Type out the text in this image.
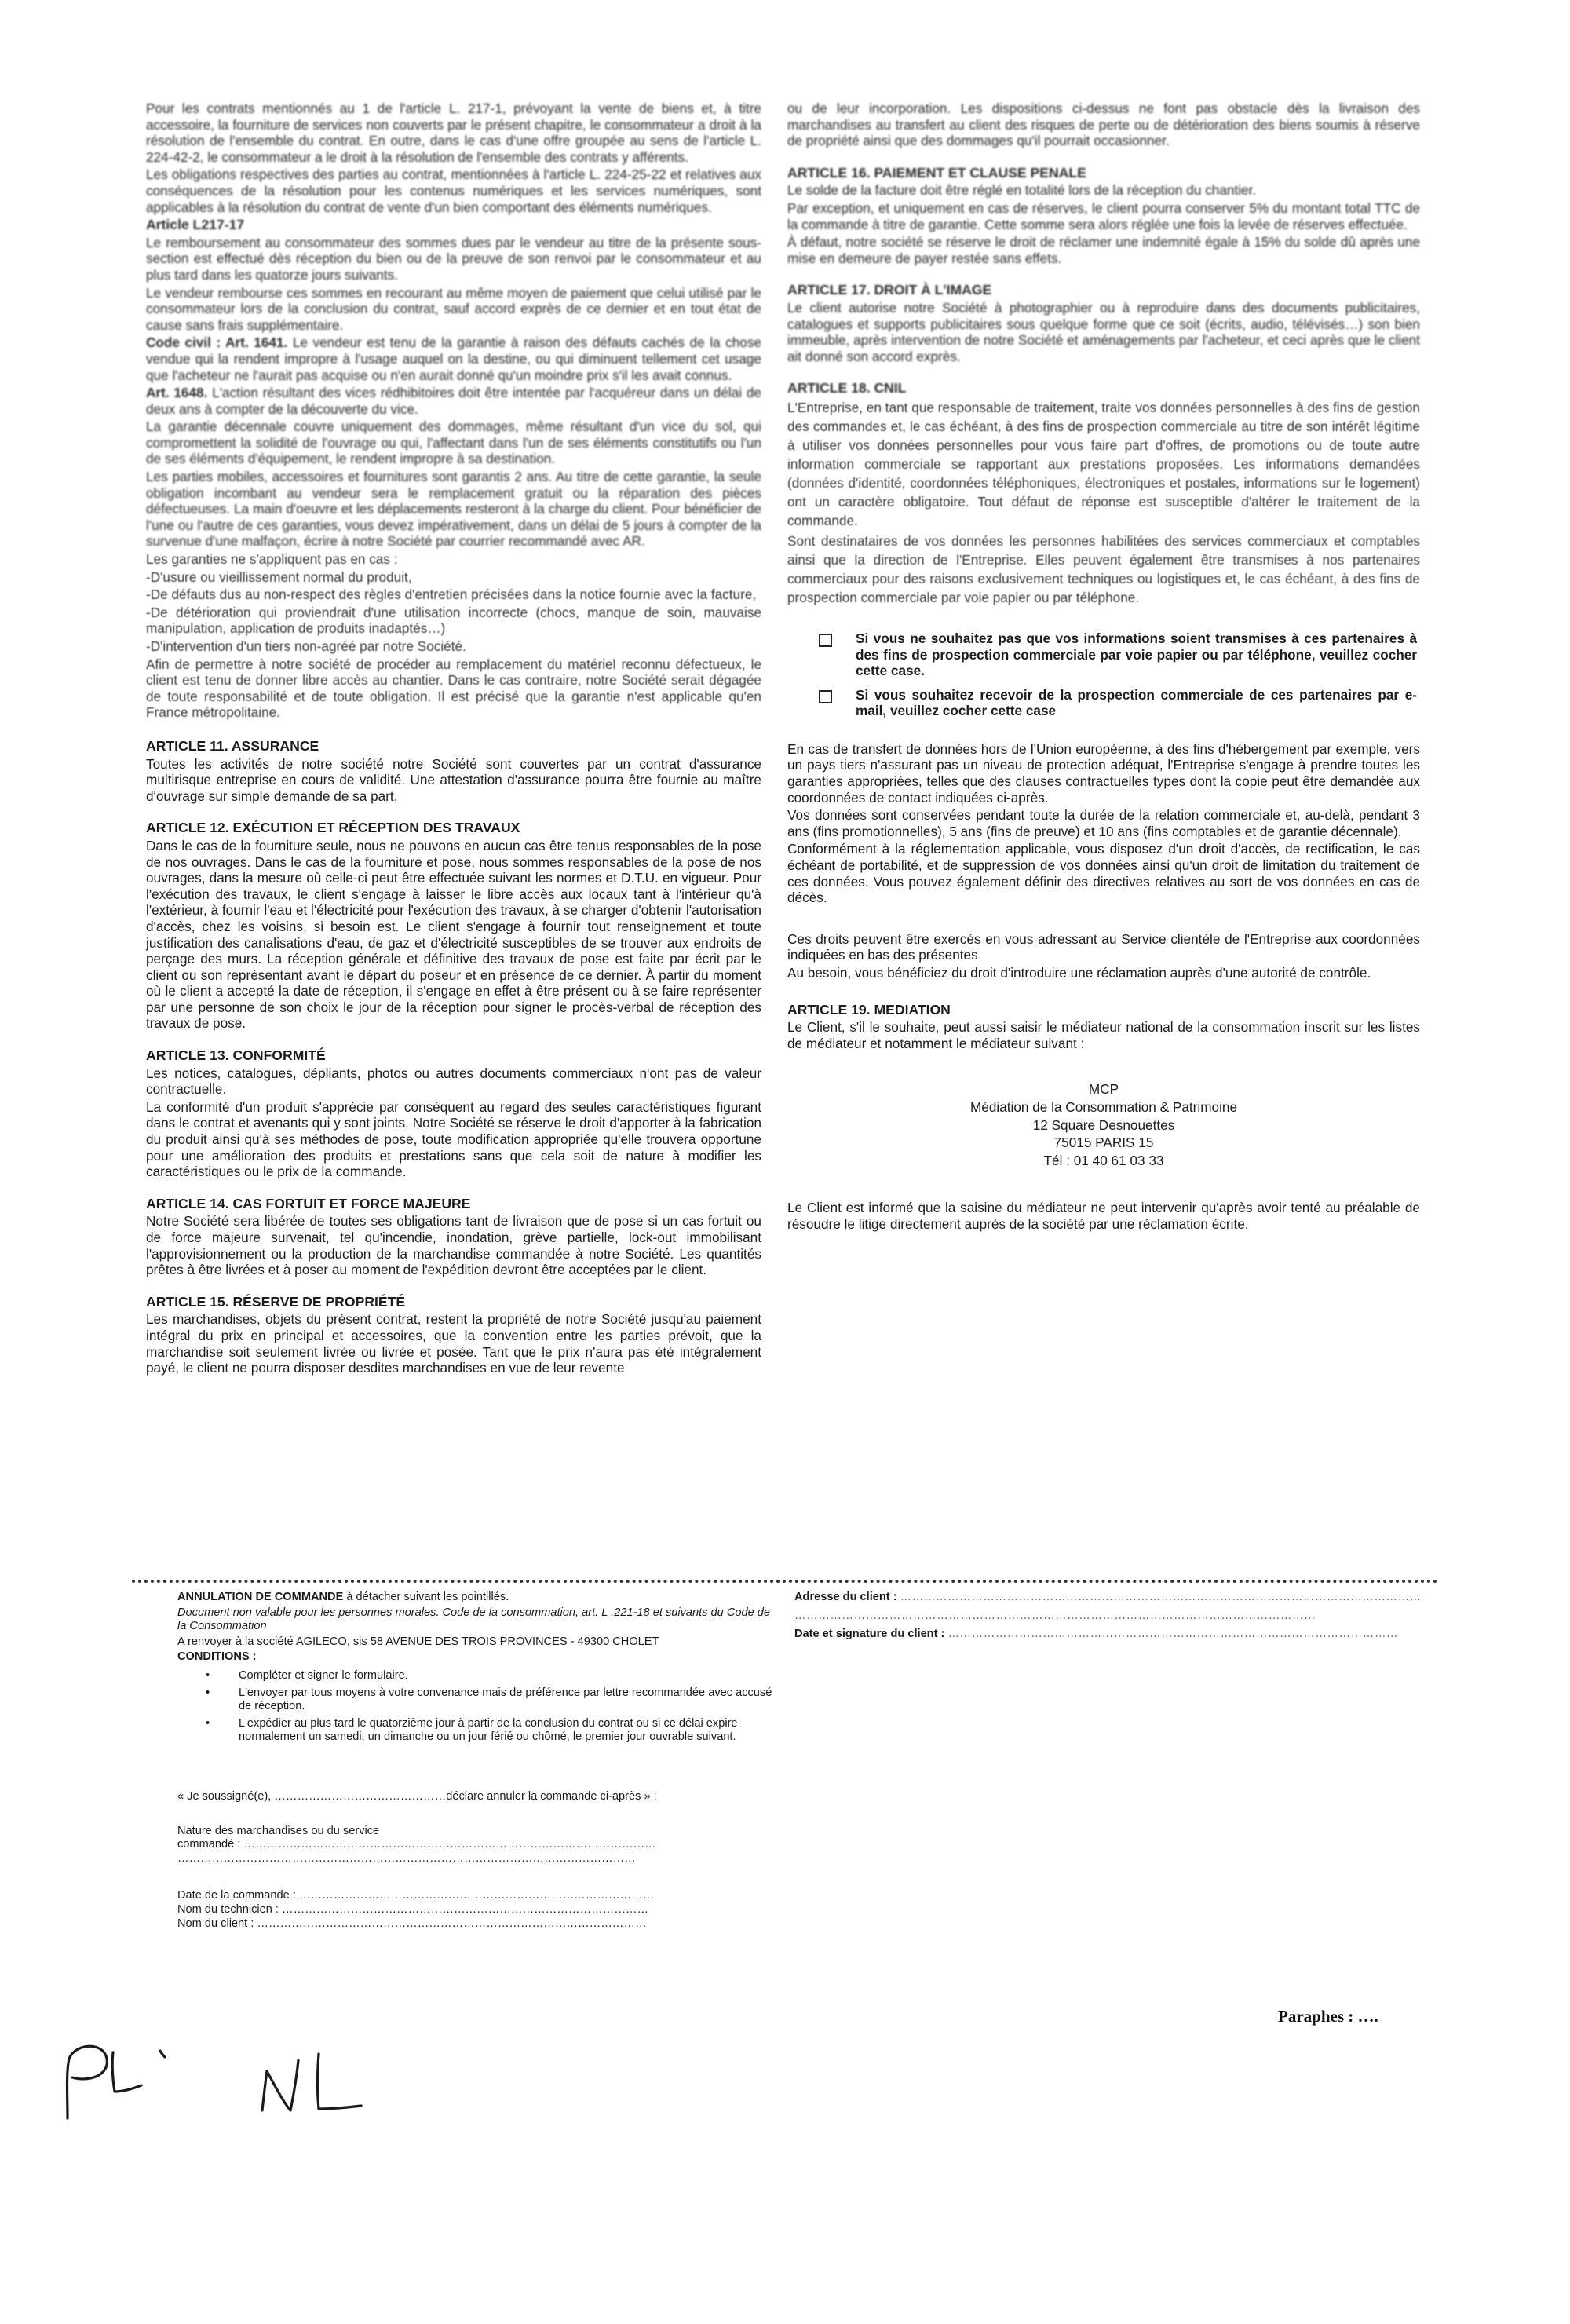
Pour les contrats mentionnés au 1 de l'article L. 217-1, prévoyant la vente de biens et, à titre accessoire, la fourniture de services non couverts par le présent chapitre, le consommateur a droit à la résolution de l'ensemble du contrat. En outre, dans le cas d'une offre groupée au sens de l'article L. 224-42-2, le consommateur a le droit à la résolution de l'ensemble des contrats y afférents.

Les obligations respectives des parties au contrat, mentionnées à l'article L. 224-25-22 et relatives aux conséquences de la résolution pour les contenus numériques et les services numériques, sont applicables à la résolution du contrat de vente d'un bien comportant des éléments numériques.

Article L217-17

Le remboursement au consommateur des sommes dues par le vendeur au titre de la présente sous-section est effectué dès réception du bien ou de la preuve de son renvoi par le consommateur et au plus tard dans les quatorze jours suivants.

Le vendeur rembourse ces sommes en recourant au même moyen de paiement que celui utilisé par le consommateur lors de la conclusion du contrat, sauf accord exprès de ce dernier et en tout état de cause sans frais supplémentaire.

Code civil : Art. 1641. Le vendeur est tenu de la garantie à raison des défauts cachés de la chose vendue qui la rendent impropre à l'usage auquel on la destine, ou qui diminuent tellement cet usage que l'acheteur ne l'aurait pas acquise ou n'en aurait donné qu'un moindre prix s'il les avait connus.

Art. 1648. L'action résultant des vices rédhibitoires doit être intentée par l'acquéreur dans un délai de deux ans à compter de la découverte du vice.

La garantie décennale couvre uniquement des dommages, même résultant d'un vice du sol, qui compromettent la solidité de l'ouvrage ou qui, l'affectant dans l'un de ses éléments constitutifs ou l'un de ses éléments d'équipement, le rendent impropre à sa destination.

Les parties mobiles, accessoires et fournitures sont garantis 2 ans. Au titre de cette garantie, la seule obligation incombant au vendeur sera le remplacement gratuit ou la réparation des pièces défectueuses. La main d'oeuvre et les déplacements resteront à la charge du client. Pour bénéficier de l'une ou l'autre de ces garanties, vous devez impérativement, dans un délai de 5 jours à compter de la survenue d'une malfaçon, écrire à notre Société par courrier recommandé avec AR.

Les garanties ne s'appliquent pas en cas :

-D'usure ou vieillissement normal du produit,

-De défauts dus au non-respect des règles d'entretien précisées dans la notice fournie avec la facture,

-De détérioration qui proviendrait d'une utilisation incorrecte (chocs, manque de soin, mauvaise manipulation, application de produits inadaptés…)

-D'intervention d'un tiers non-agréé par notre Société.

Afin de permettre à notre société de procéder au remplacement du matériel reconnu défectueux, le client est tenu de donner libre accès au chantier. Dans le cas contraire, notre Société serait dégagée de toute responsabilité et de toute obligation. Il est précisé que la garantie n'est applicable qu'en France métropolitaine.

ARTICLE 11. ASSURANCE

Toutes les activités de notre société notre Société sont couvertes par un contrat d'assurance multirisque entreprise en cours de validité. Une attestation d'assurance pourra être fournie au maître d'ouvrage sur simple demande de sa part.

ARTICLE 12. EXÉCUTION ET RÉCEPTION DES TRAVAUX

Dans le cas de la fourniture seule, nous ne pouvons en aucun cas être tenus responsables de la pose de nos ouvrages. Dans le cas de la fourniture et pose, nous sommes responsables de la pose de nos ouvrages, dans la mesure où celle-ci peut être effectuée suivant les normes et D.T.U. en vigueur. Pour l'exécution des travaux, le client s'engage à laisser le libre accès aux locaux tant à l'intérieur qu'à l'extérieur, à fournir l'eau et l'électricité pour l'exécution des travaux, à se charger d'obtenir l'autorisation d'accès, chez les voisins, si besoin est. Le client s'engage à fournir tout renseignement et toute justification des canalisations d'eau, de gaz et d'électricité susceptibles de se trouver aux endroits de perçage des murs. La réception générale et définitive des travaux de pose est faite par écrit par le client ou son représentant avant le départ du poseur et en présence de ce dernier. À partir du moment où le client a accepté la date de réception, il s'engage en effet à être présent ou à se faire représenter par une personne de son choix le jour de la réception pour signer le procès-verbal de réception des travaux de pose.

ARTICLE 13. CONFORMITÉ

Les notices, catalogues, dépliants, photos ou autres documents commerciaux n'ont pas de valeur contractuelle.

La conformité d'un produit s'apprécie par conséquent au regard des seules caractéristiques figurant dans le contrat et avenants qui y sont joints. Notre Société se réserve le droit d'apporter à la fabrication du produit ainsi qu'à ses méthodes de pose, toute modification appropriée qu'elle trouvera opportune pour une amélioration des produits et prestations sans que cela soit de nature à modifier les caractéristiques ou le prix de la commande.

ARTICLE 14. CAS FORTUIT ET FORCE MAJEURE

Notre Société sera libérée de toutes ses obligations tant de livraison que de pose si un cas fortuit ou de force majeure survenait, tel qu'incendie, inondation, grève partielle, lock-out immobilisant l'approvisionnement ou la production de la marchandise commandée à notre Société. Les quantités prêtes à être livrées et à poser au moment de l'expédition devront être acceptées par le client.

ARTICLE 15. RÉSERVE DE PROPRIÉTÉ

Les marchandises, objets du présent contrat, restent la propriété de notre Société jusqu'au paiement intégral du prix en principal et accessoires, que la convention entre les parties prévoit, que la marchandise soit seulement livrée ou livrée et posée. Tant que le prix n'aura pas été intégralement payé, le client ne pourra disposer desdites marchandises en vue de leur revente

ou de leur incorporation. Les dispositions ci-dessus ne font pas obstacle dès la livraison des marchandises au transfert au client des risques de perte ou de détérioration des biens soumis à réserve de propriété ainsi que des dommages qu'il pourrait occasionner.

ARTICLE 16. PAIEMENT ET CLAUSE PENALE

Le solde de la facture doit être réglé en totalité lors de la réception du chantier.

Par exception, et uniquement en cas de réserves, le client pourra conserver 5% du montant total TTC de la commande à titre de garantie. Cette somme sera alors réglée une fois la levée de réserves effectuée.

À défaut, notre société se réserve le droit de réclamer une indemnité égale à 15% du solde dû après une mise en demeure de payer restée sans effets.

ARTICLE 17. DROIT À L'IMAGE

Le client autorise notre Société à photographier ou à reproduire dans des documents publicitaires, catalogues et supports publicitaires sous quelque forme que ce soit (écrits, audio, télévisés…) son bien immeuble, après intervention de notre Société et aménagements par l'acheteur, et ceci après que le client ait donné son accord exprès.

ARTICLE 18. CNIL

L'Entreprise, en tant que responsable de traitement, traite vos données personnelles à des fins de gestion des commandes et, le cas échéant, à des fins de prospection commerciale au titre de son intérêt légitime à utiliser vos données personnelles pour vous faire part d'offres, de promotions ou de toute autre information commerciale se rapportant aux prestations proposées. Les informations demandées (données d'identité, coordonnées téléphoniques, électroniques et postales, informations sur le logement) ont un caractère obligatoire. Tout défaut de réponse est susceptible d'altérer le traitement de la commande.

Sont destinataires de vos données les personnes habilitées des services commerciaux et comptables ainsi que la direction de l'Entreprise. Elles peuvent également être transmises à nos partenaires commerciaux pour des raisons exclusivement techniques ou logistiques et, le cas échéant, à des fins de prospection commerciale par voie papier ou par téléphone.

Si vous ne souhaitez pas que vos informations soient transmises à ces partenaires à des fins de prospection commerciale par voie papier ou par téléphone, veuillez cocher cette case.
Si vous souhaitez recevoir de la prospection commerciale de ces partenaires par e-mail, veuillez cocher cette case

En cas de transfert de données hors de l'Union européenne, à des fins d'hébergement par exemple, vers un pays tiers n'assurant pas un niveau de protection adéquat, l'Entreprise s'engage à prendre toutes les garanties appropriées, telles que des clauses contractuelles types dont la copie peut être demandée aux coordonnées de contact indiquées ci-après.

Vos données sont conservées pendant toute la durée de la relation commerciale et, au-delà, pendant 3 ans (fins promotionnelles), 5 ans (fins de preuve) et 10 ans (fins comptables et de garantie décennale).

Conformément à la réglementation applicable, vous disposez d'un droit d'accès, de rectification, le cas échéant de portabilité, et de suppression de vos données ainsi qu'un droit de limitation du traitement de ces données. Vous pouvez également définir des directives relatives au sort de vos données en cas de décès.

Ces droits peuvent être exercés en vous adressant au Service clientèle de l'Entreprise aux coordonnées indiquées en bas des présentes

Au besoin, vous bénéficiez du droit d'introduire une réclamation auprès d'une autorité de contrôle.

ARTICLE 19. MEDIATION

Le Client, s'il le souhaite, peut aussi saisir le médiateur national de la consommation inscrit sur les listes de médiateur et notamment le médiateur suivant :

MCP

Médiation de la Consommation & Patrimoine

12 Square Desnouettes

75015 PARIS 15

Tél : 01 40 61 03 33

Le Client est informé que la saisine du médiateur ne peut intervenir qu'après avoir tenté au préalable de résoudre le litige directement auprès de la société par une réclamation écrite.

ANNULATION DE COMMANDE à détacher suivant les pointillés.

Document non valable pour les personnes morales. Code de la consommation, art. L .221-18 et suivants du Code de la Consommation

A renvoyer à la société AGILECO, sis 58 AVENUE DES TROIS PROVINCES - 49300 CHOLET

CONDITIONS :

• Compléter et signer le formulaire.
• L'envoyer par tous moyens à votre convenance mais de préférence par lettre recommandée avec accusé de réception.
• L'expédier au plus tard le quatorzième jour à partir de la conclusion du contrat ou si ce délai expire normalement un samedi, un dimanche ou un jour férié ou chômé, le premier jour ouvrable suivant.

« Je soussigné(e), ………………………………………déclare annuler la commande ci-après » :

Nature des marchandises ou du service

commandé : ………………………………………………………………………………………………

…………………………………………………………………………………………………………

Date de la commande : …………………………………………………………………………………

Nom du technicien : ……………………………………………………………………………………

Nom du client : …………………………………………………………………………………………

Adresse du client : ……………………………………………………………………………………………………………………

……………………………………………………………………………………………………………………

Date et signature du client : ……………………………………………………………………………………………………

Paraphes : ….
